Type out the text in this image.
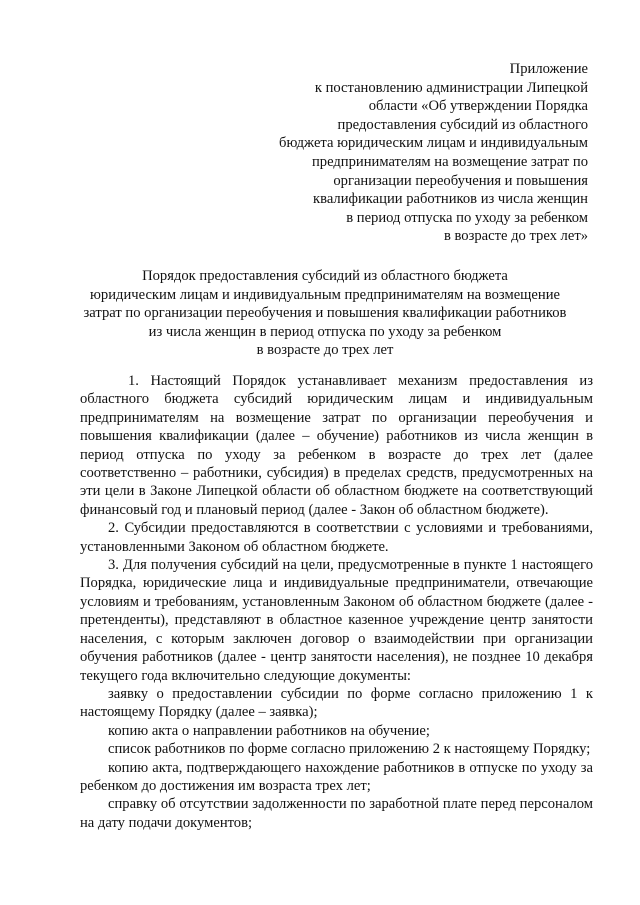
Приложение
к постановлению администрации Липецкой
области «Об утверждении Порядка
предоставления субсидий из областного
бюджета юридическим лицам и индивидуальным
предпринимателям на возмещение затрат по
организации переобучения и повышения
квалификации работников из числа женщин
в период отпуска по уходу за ребенком
в возрасте до трех лет»
Порядок предоставления субсидий из областного бюджета
юридическим лицам и индивидуальным предпринимателям на возмещение
затрат по организации переобучения и повышения квалификации работников
из числа женщин в период отпуска по уходу за ребенком
в возрасте до трех лет

1. Настоящий Порядок устанавливает механизм предоставления из областного бюджета субсидий юридическим лицам и индивидуальным предпринимателям на возмещение затрат по организации переобучения и повышения квалификации (далее – обучение) работников из числа женщин в период отпуска по уходу за ребенком в возрасте до трех лет (далее соответственно – работники, субсидия) в пределах средств, предусмотренных на эти цели в Законе Липецкой области об областном бюджете на соответствующий финансовый год и плановый период (далее - Закон об областном бюджете).

2. Субсидии предоставляются в соответствии с условиями и требованиями, установленными Законом об областном бюджете.

3. Для получения субсидий на цели, предусмотренные в пункте 1 настоящего Порядка, юридические лица и индивидуальные предприниматели, отвечающие условиям и требованиям, установленным Законом об областном бюджете (далее - претенденты), представляют в областное казенное учреждение центр занятости населения, с которым заключен договор о взаимодействии при организации обучения работников (далее - центр занятости населения), не позднее 10 декабря текущего года включительно следующие документы:

заявку о предоставлении субсидии по форме согласно приложению 1 к настоящему Порядку (далее – заявка);

копию акта о направлении работников на обучение;

список работников по форме согласно приложению 2 к настоящему Порядку;

копию акта, подтверждающего нахождение работников в отпуске по уходу за ребенком до достижения им возраста трех лет;

справку об отсутствии задолженности по заработной плате перед персоналом на дату подачи документов;
